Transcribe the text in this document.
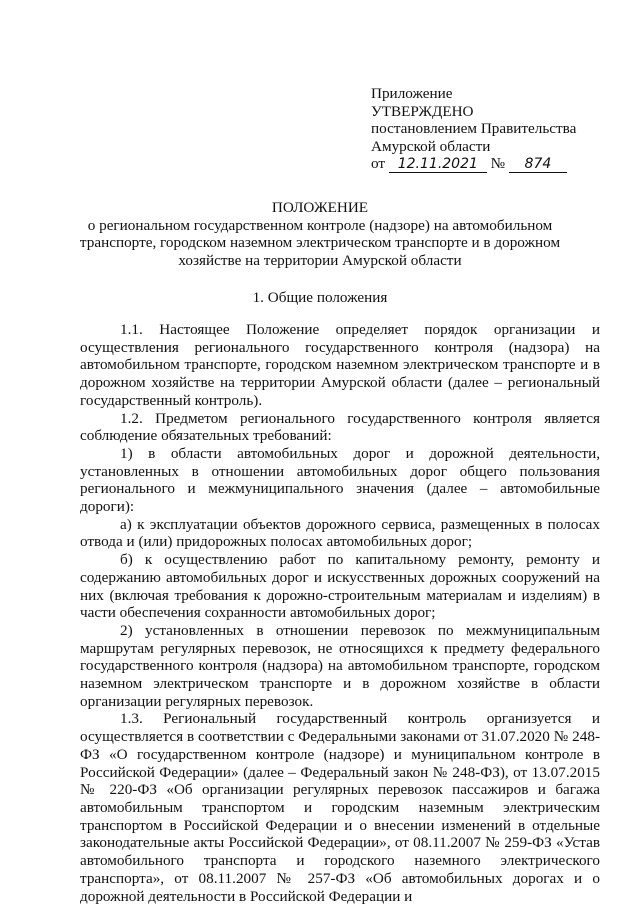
Приложение
УТВЕРЖДЕНО
постановлением Правительства
Амурской области
от 12.11.2021 № 874
ПОЛОЖЕНИЕ
о региональном государственном контроле (надзоре) на автомобильном транспорте, городском наземном электрическом транспорте и в дорожном хозяйстве на территории Амурской области
1. Общие положения

1.1. Настоящее Положение определяет порядок организации и осуществления регионального государственного контроля (надзора) на автомобильном транспорте, городском наземном электрическом транспорте и в дорожном хозяйстве на территории Амурской области (далее – региональный государственный контроль).

1.2. Предметом регионального государственного контроля является соблюдение обязательных требований:

1) в области автомобильных дорог и дорожной деятельности, установленных в отношении автомобильных дорог общего пользования регионального и межмуниципального значения (далее – автомобильные дороги):

а) к эксплуатации объектов дорожного сервиса, размещенных в полосах отвода и (или) придорожных полосах автомобильных дорог;

б) к осуществлению работ по капитальному ремонту, ремонту и содержанию автомобильных дорог и искусственных дорожных сооружений на них (включая требования к дорожно-строительным материалам и изделиям) в части обеспечения сохранности автомобильных дорог;

2) установленных в отношении перевозок по межмуниципальным маршрутам регулярных перевозок, не относящихся к предмету федерального государственного контроля (надзора) на автомобильном транспорте, городском наземном электрическом транспорте и в дорожном хозяйстве в области организации регулярных перевозок.

1.3. Региональный государственный контроль организуется и осуществляется в соответствии с Федеральными законами от 31.07.2020 № 248-ФЗ «О государственном контроле (надзоре) и муниципальном контроле в Российской Федерации» (далее – Федеральный закон № 248-ФЗ), от 13.07.2015 № 220-ФЗ «Об организации регулярных перевозок пассажиров и багажа автомобильным транспортом и городским наземным электрическим транспортом в Российской Федерации и о внесении изменений в отдельные законодательные акты Российской Федерации», от 08.11.2007 № 259-ФЗ «Устав автомобильного транспорта и городского наземного электрического транспорта», от 08.11.2007 № 257-ФЗ «Об автомобильных дорогах и о дорожной деятельности в Российской Федерации и
